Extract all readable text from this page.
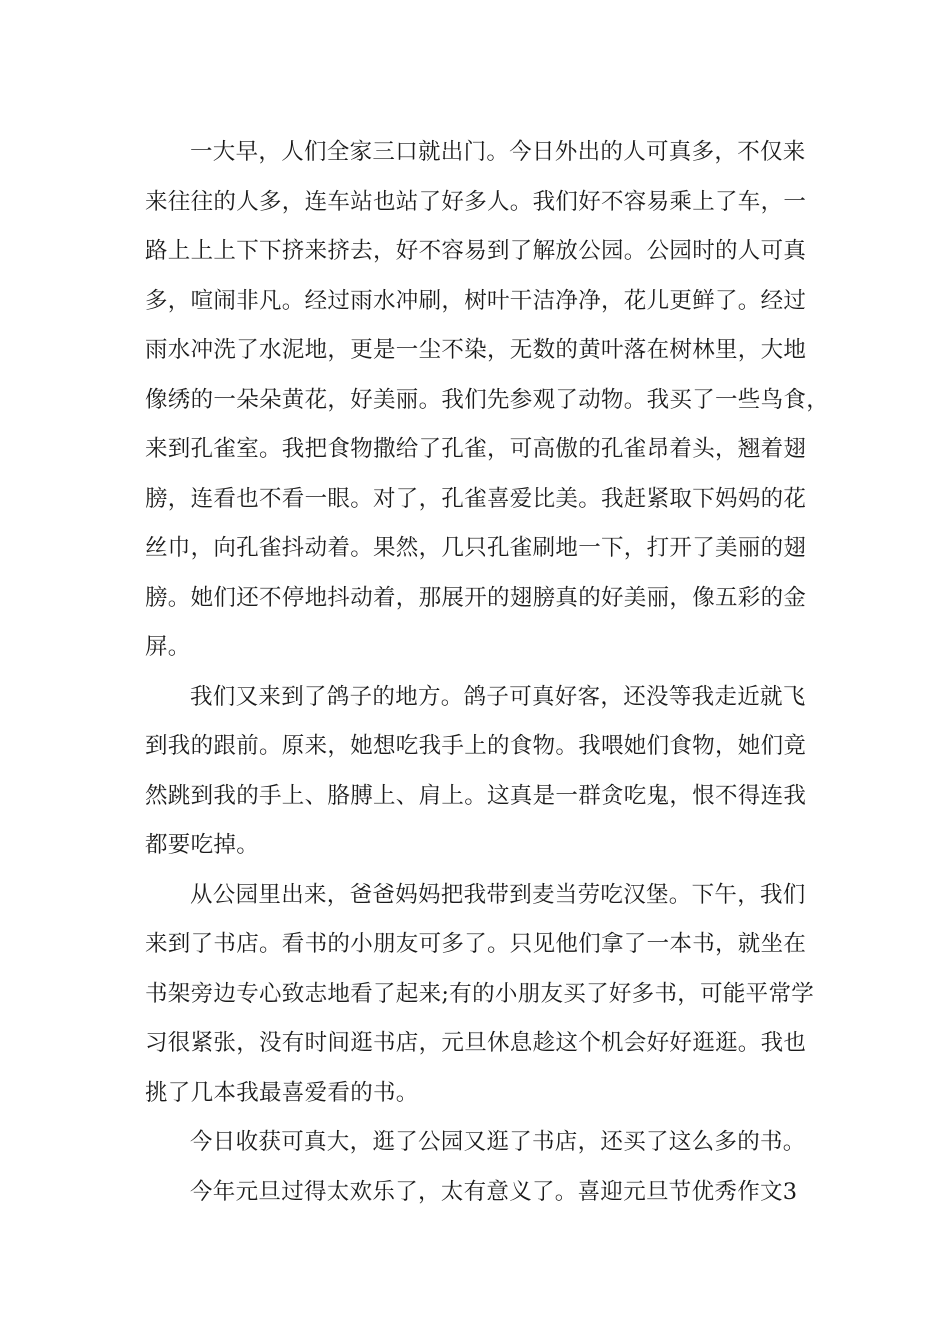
一大早，人们全家三口就出门。今日外出的人可真多，不仅来
来往往的人多，连车站也站了好多人。我们好不容易乘上了车，一
路上上上下下挤来挤去，好不容易到了解放公园。公园时的人可真
多，喧闹非凡。经过雨水冲刷，树叶干洁净净，花儿更鲜了。经过
雨水冲洗了水泥地，更是一尘不染，无数的黄叶落在树林里，大地
像绣的一朵朵黄花，好美丽。我们先参观了动物。我买了一些鸟食，
来到孔雀室。我把食物撒给了孔雀，可高傲的孔雀昂着头，翘着翅
膀，连看也不看一眼。对了，孔雀喜爱比美。我赶紧取下妈妈的花
丝巾，向孔雀抖动着。果然，几只孔雀刷地一下，打开了美丽的翅
膀。她们还不停地抖动着，那展开的翅膀真的好美丽，像五彩的金
屏。

我们又来到了鸽子的地方。鸽子可真好客，还没等我走近就飞
到我的跟前。原来，她想吃我手上的食物。我喂她们食物，她们竟
然跳到我的手上、胳膊上、肩上。这真是一群贪吃鬼，恨不得连我
都要吃掉。

从公园里出来，爸爸妈妈把我带到麦当劳吃汉堡。下午，我们
来到了书店。看书的小朋友可多了。只见他们拿了一本书，就坐在
书架旁边专心致志地看了起来;有的小朋友买了好多书，可能平常学
习很紧张，没有时间逛书店，元旦休息趁这个机会好好逛逛。我也
挑了几本我最喜爱看的书。

今日收获可真大，逛了公园又逛了书店，还买了这么多的书。

今年元旦过得太欢乐了，太有意义了。喜迎元旦节优秀作文3
